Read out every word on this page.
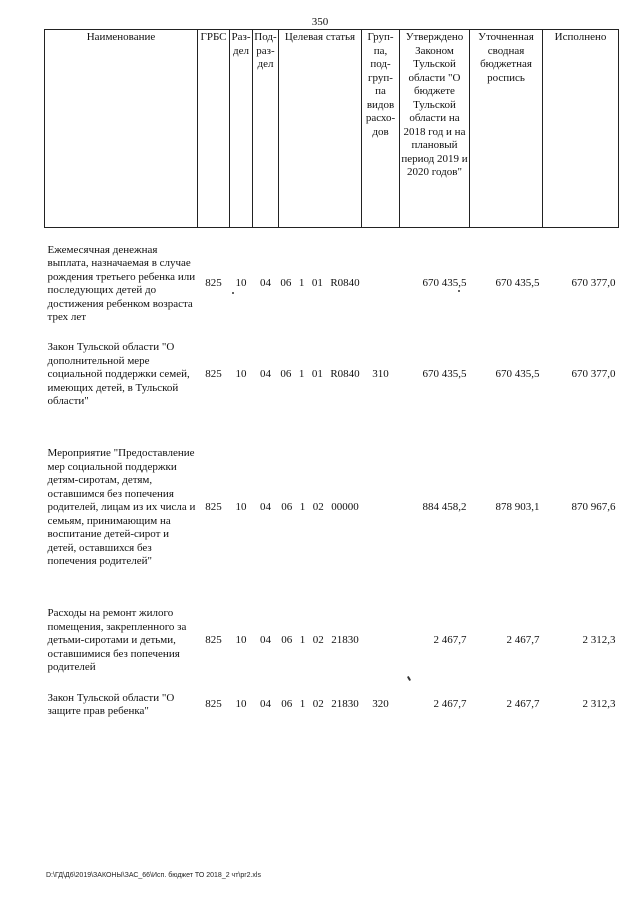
350
Наименование	ГРБС	Раз-дел	Под-раз-дел	Целевая статья	Груп-па, под-груп-па видов расхо-дов	Утверждено Законом Тульской области "О бюджете Тульской области на 2018 год и на плановый период 2019 и 2020 годов"	Уточненная сводная бюджетная роспись	Исполнено

Ежемесячная денежная выплата, назначаемая в случае рождения третьего ребенка или последующих детей до достижения ребенком возраста трех лет	825	10	04	06  1  01  R0840		670 435,5	670 435,5	670 377,0

Закон Тульской области "О дополнительной мере социальной поддержки семей, имеющих детей, в Тульской области"	825	10	04	06  1  01  R0840	310	670 435,5	670 435,5	670 377,0

Мероприятие "Предоставление мер социальной поддержки детям-сиротам, детям, оставшимся без попечения родителей, лицам из их числа и семьям, принимающим на воспитание детей-сирот и детей, оставшихся без попечения родителей"	825	10	04	06  1  02  00000		884 458,2	878 903,1	870 967,6

Расходы на ремонт жилого помещения, закрепленного за детьми-сиротами и детьми, оставшимися без попечения родителей	825	10	04	06  1  02  21830		2 467,7	2 467,7	2 312,3

Закон Тульской области "О защите прав ребенка"	825	10	04	06  1  02  21830	320	2 467,7	2 467,7	2 312,3
D:\ГД\Д6\2019\ЗАКОНЫ\ЗАС_66\Исп. бюджет ТО 2018_2 чт\pr2.xls
